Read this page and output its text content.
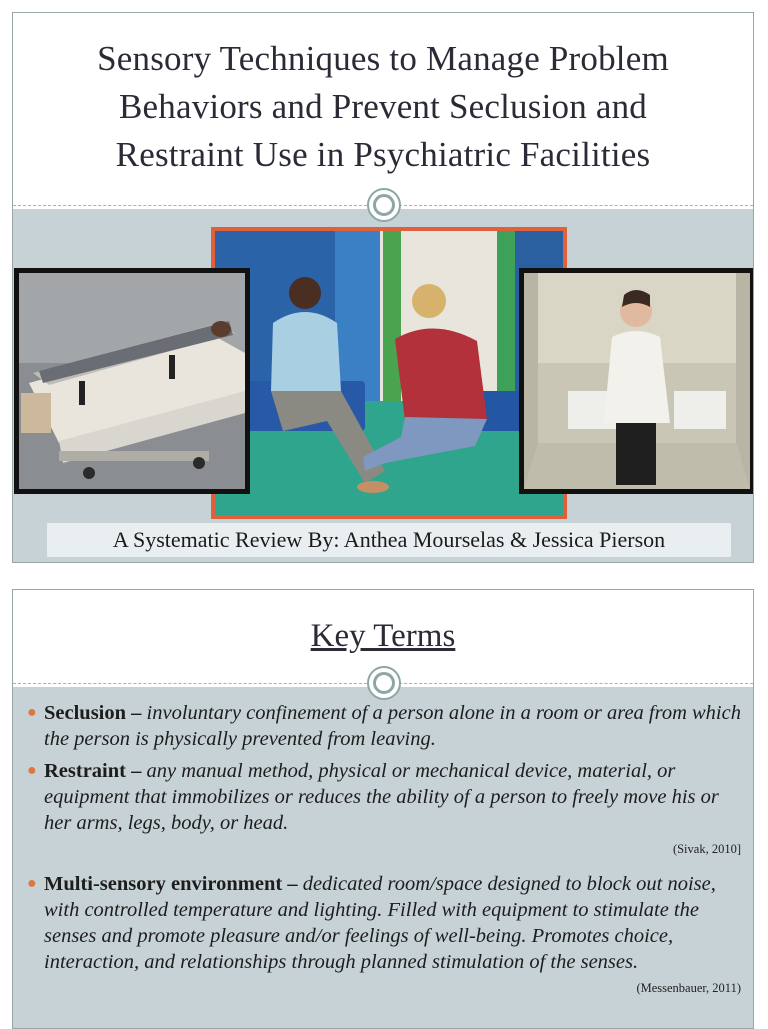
Sensory Techniques to Manage Problem
Behaviors and Prevent Seclusion and
Restraint Use in Psychiatric Facilities
A Systematic Review By: Anthea Mourselas & Jessica Pierson
Key Terms
● Seclusion – involuntary confinement of a person alone in a room or area from which the person is physically prevented from leaving.
● Restraint – any manual method, physical or mechanical device, material, or equipment that immobilizes or reduces the ability of a person to freely move his or her arms, legs, body, or head.
(Sivak, 2010]
● Multi-sensory environment – dedicated room/space designed to block out noise, with controlled temperature and lighting. Filled with equipment to stimulate the senses and promote pleasure and/or feelings of well-being. Promotes choice, interaction, and relationships through planned stimulation of the senses.
(Messenbauer, 2011)
